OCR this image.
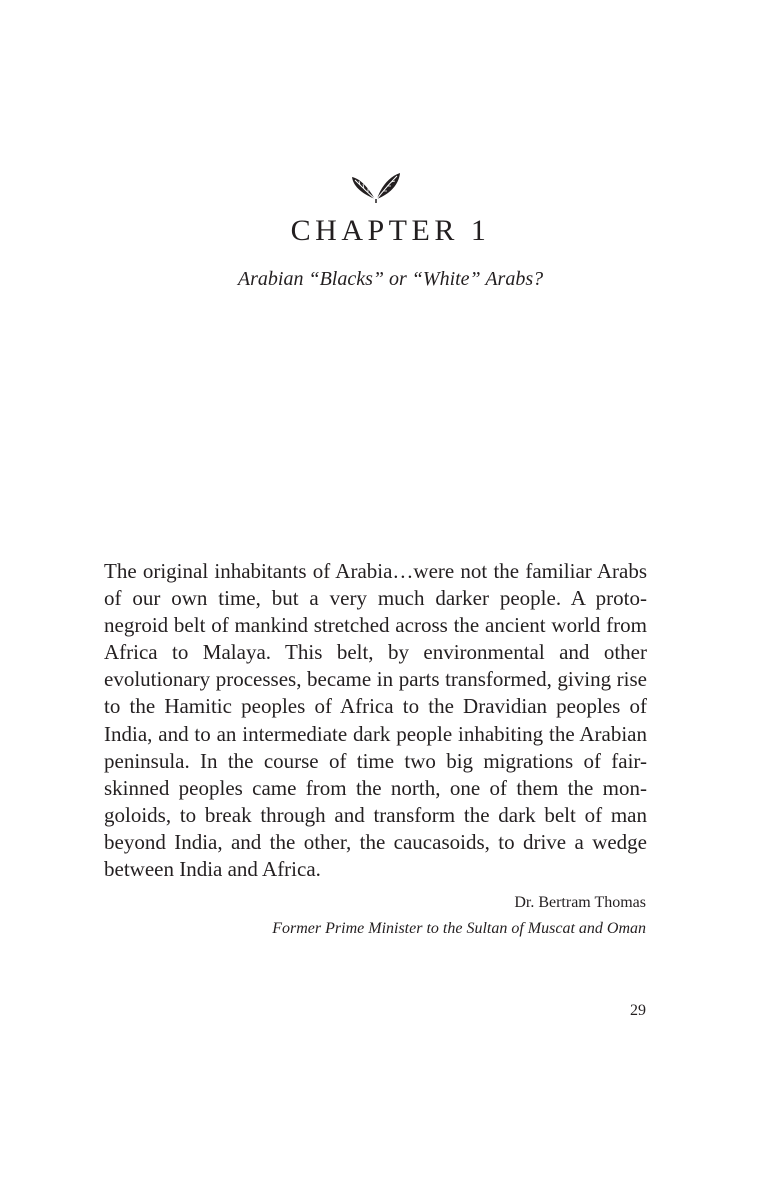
CHAPTER 1

Arabian “Blacks” or “White” Arabs?

The original inhabitants of Arabia…were not the familiar Arabs of our own time, but a very much darker people. A proto-negroid belt of mankind stretched across the ancient world from Africa to Malaya. This belt, by environmental and other evolutionary processes, became in parts transformed, giving rise to the Hamitic peoples of Africa to the Dravidian peoples of India, and to an intermediate dark people inhabiting the Arabian peninsula. In the course of time two big migrations of fair-skinned peoples came from the north, one of them the mongoloids, to break through and transform the dark belt of man beyond India, and the other, the caucasoids, to drive a wedge between India and Africa.

Dr. Bertram Thomas

Former Prime Minister to the Sultan of Muscat and Oman

29
